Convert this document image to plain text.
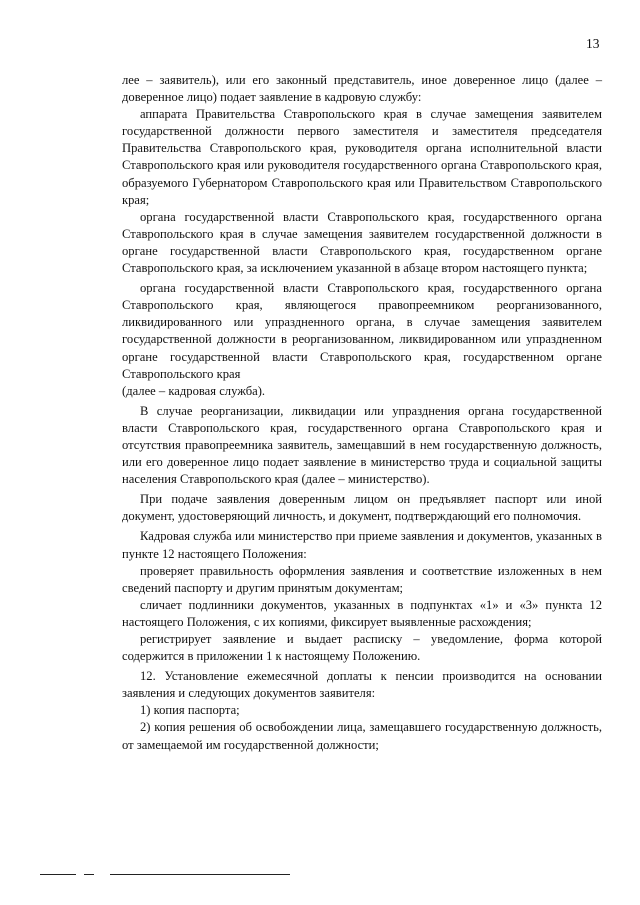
13

лее – заявитель), или его законный представитель, иное доверенное лицо (далее – доверенное лицо) подает заявление в кадровую службу:

аппарата Правительства Ставропольского края в случае замещения заявителем государственной должности первого заместителя и заместителя председателя Правительства Ставропольского края, руководителя органа исполнительной власти Ставропольского края или руководителя государственного органа Ставропольского края, образуемого Губернатором Ставропольского края или Правительством Ставропольского края;

органа государственной власти Ставропольского края, государственного органа Ставропольского края в случае замещения заявителем государственной должности в органе государственной власти Ставропольского края, государственном органе Ставропольского края, за исключением указанной в абзаце втором настоящего пункта;

органа государственной власти Ставропольского края, государственного органа Ставропольского края, являющегося правопреемником реорганизованного, ликвидированного или упраздненного органа, в случае замещения заявителем государственной должности в реорганизованном, ликвидированном или упраздненном органе государственной власти Ставропольского края, государственном органе Ставропольского края

(далее – кадровая служба).

В случае реорганизации, ликвидации или упразднения органа государственной власти Ставропольского края, государственного органа Ставропольского края и отсутствия правопреемника заявитель, замещавший в нем государственную должность, или его доверенное лицо подает заявление в министерство труда и социальной защиты населения Ставропольского края (далее – министерство).

При подаче заявления доверенным лицом он предъявляет паспорт или иной документ, удостоверяющий личность, и документ, подтверждающий его полномочия.

Кадровая служба или министерство при приеме заявления и документов, указанных в пункте 12 настоящего Положения:

проверяет правильность оформления заявления и соответствие изложенных в нем сведений паспорту и другим принятым документам;

сличает подлинники документов, указанных в подпунктах «1» и «3» пункта 12 настоящего Положения, с их копиями, фиксирует выявленные расхождения;

регистрирует заявление и выдает расписку – уведомление, форма которой содержится в приложении 1 к настоящему Положению.

12. Установление ежемесячной доплаты к пенсии производится на основании заявления и следующих документов заявителя:

1) копия паспорта;

2) копия решения об освобождении лица, замещавшего государственную должность, от замещаемой им государственной должности;
